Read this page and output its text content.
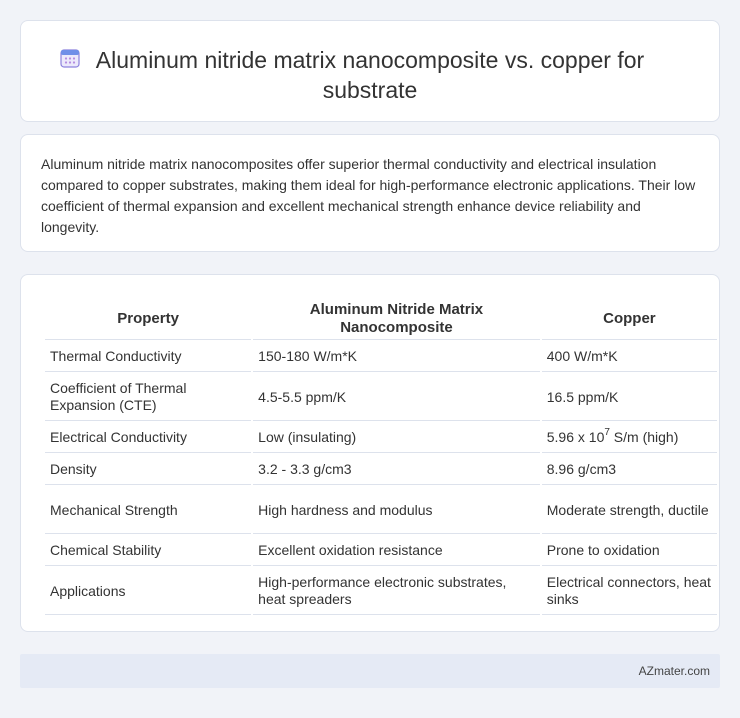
Aluminum nitride matrix nanocomposite vs. copper for substrate

Aluminum nitride matrix nanocomposites offer superior thermal conductivity and electrical insulation compared to copper substrates, making them ideal for high-performance electronic applications. Their low coefficient of thermal expansion and excellent mechanical strength enhance device reliability and longevity.

Property	Aluminum Nitride Matrix Nanocomposite	Copper
Thermal Conductivity	150-180 W/m*K	400 W/m*K
Coefficient of Thermal Expansion (CTE)	4.5-5.5 ppm/K	16.5 ppm/K
Electrical Conductivity	Low (insulating)	5.96 x $10^7$ S/m (high)
Density	3.2 - 3.3 g/cm3	8.96 g/cm3
Mechanical Strength	High hardness and modulus	Moderate strength, ductile
Chemical Stability	Excellent oxidation resistance	Prone to oxidation
Applications	High-performance electronic substrates, heat spreaders	Electrical connectors, heat sinks
AZmater.com
